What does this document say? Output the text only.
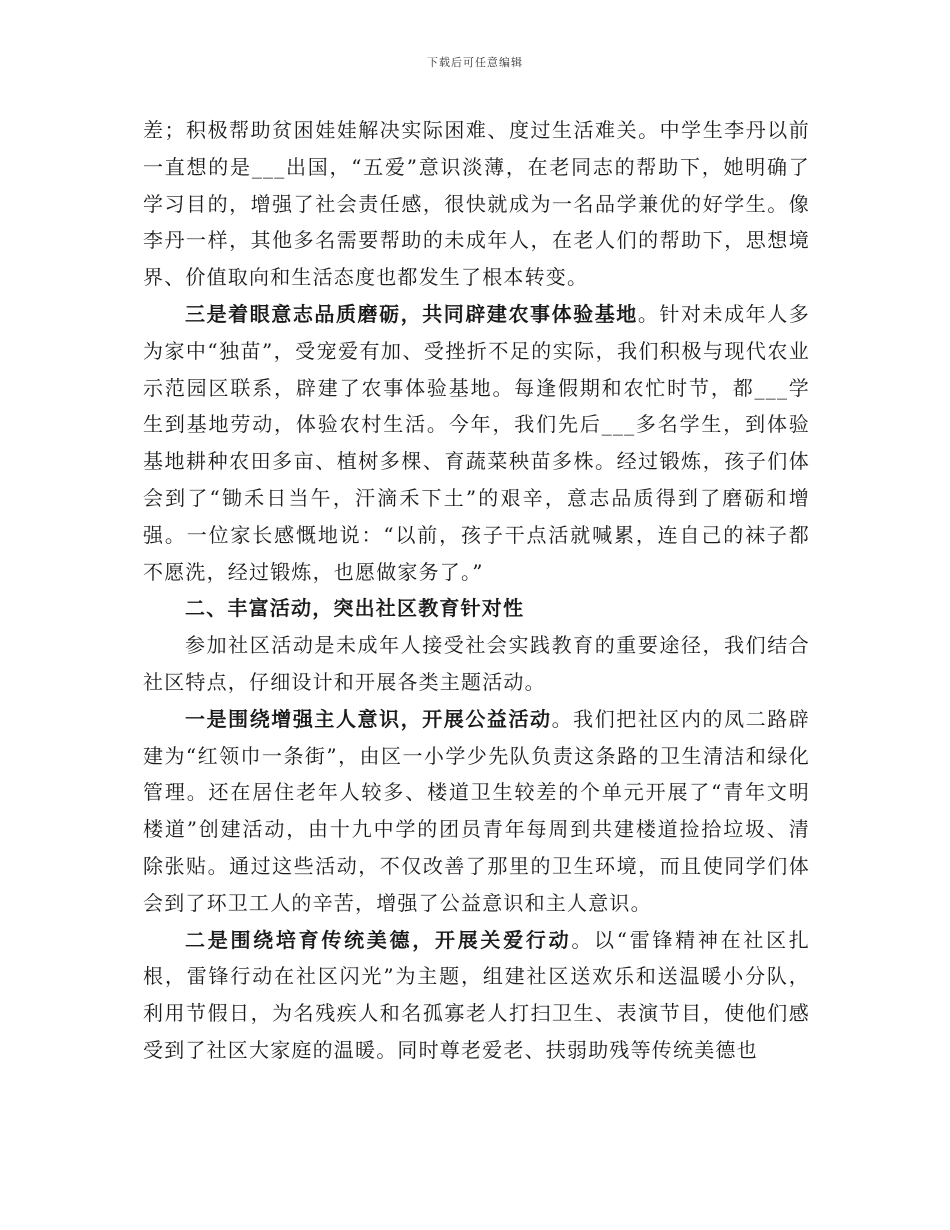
下载后可任意编辑

差；积极帮助贫困娃娃解决实际困难、度过生活难关。中学生李丹以前一直想的是___出国，“五爱”意识淡薄，在老同志的帮助下，她明确了学习目的，增强了社会责任感，很快就成为一名品学兼优的好学生。像李丹一样，其他多名需要帮助的未成年人，在老人们的帮助下，思想境界、价值取向和生活态度也都发生了根本转变。

三是着眼意志品质磨砺，共同辟建农事体验基地。针对未成年人多为家中“独苗”，受宠爱有加、受挫折不足的实际，我们积极与现代农业示范园区联系，辟建了农事体验基地。每逢假期和农忙时节，都___学生到基地劳动，体验农村生活。今年，我们先后___多名学生，到体验基地耕种农田多亩、植树多棵、育蔬菜秧苗多株。经过锻炼，孩子们体会到了“锄禾日当午，汗滴禾下土”的艰辛，意志品质得到了磨砺和增强。一位家长感慨地说：“以前，孩子干点活就喊累，连自己的袜子都不愿洗，经过锻炼，也愿做家务了。”

二、丰富活动，突出社区教育针对性

参加社区活动是未成年人接受社会实践教育的重要途径，我们结合社区特点，仔细设计和开展各类主题活动。

一是围绕增强主人意识，开展公益活动。我们把社区内的凤二路辟建为“红领巾一条街”，由区一小学少先队负责这条路的卫生清洁和绿化管理。还在居住老年人较多、楼道卫生较差的个单元开展了“青年文明楼道”创建活动，由十九中学的团员青年每周到共建楼道捡拾垃圾、清除张贴。通过这些活动，不仅改善了那里的卫生环境，而且使同学们体会到了环卫工人的辛苦，增强了公益意识和主人意识。

二是围绕培育传统美德，开展关爱行动。以“雷锋精神在社区扎根，雷锋行动在社区闪光”为主题，组建社区送欢乐和送温暖小分队，利用节假日，为名残疾人和名孤寡老人打扫卫生、表演节目，使他们感受到了社区大家庭的温暖。同时尊老爱老、扶弱助残等传统美德也
